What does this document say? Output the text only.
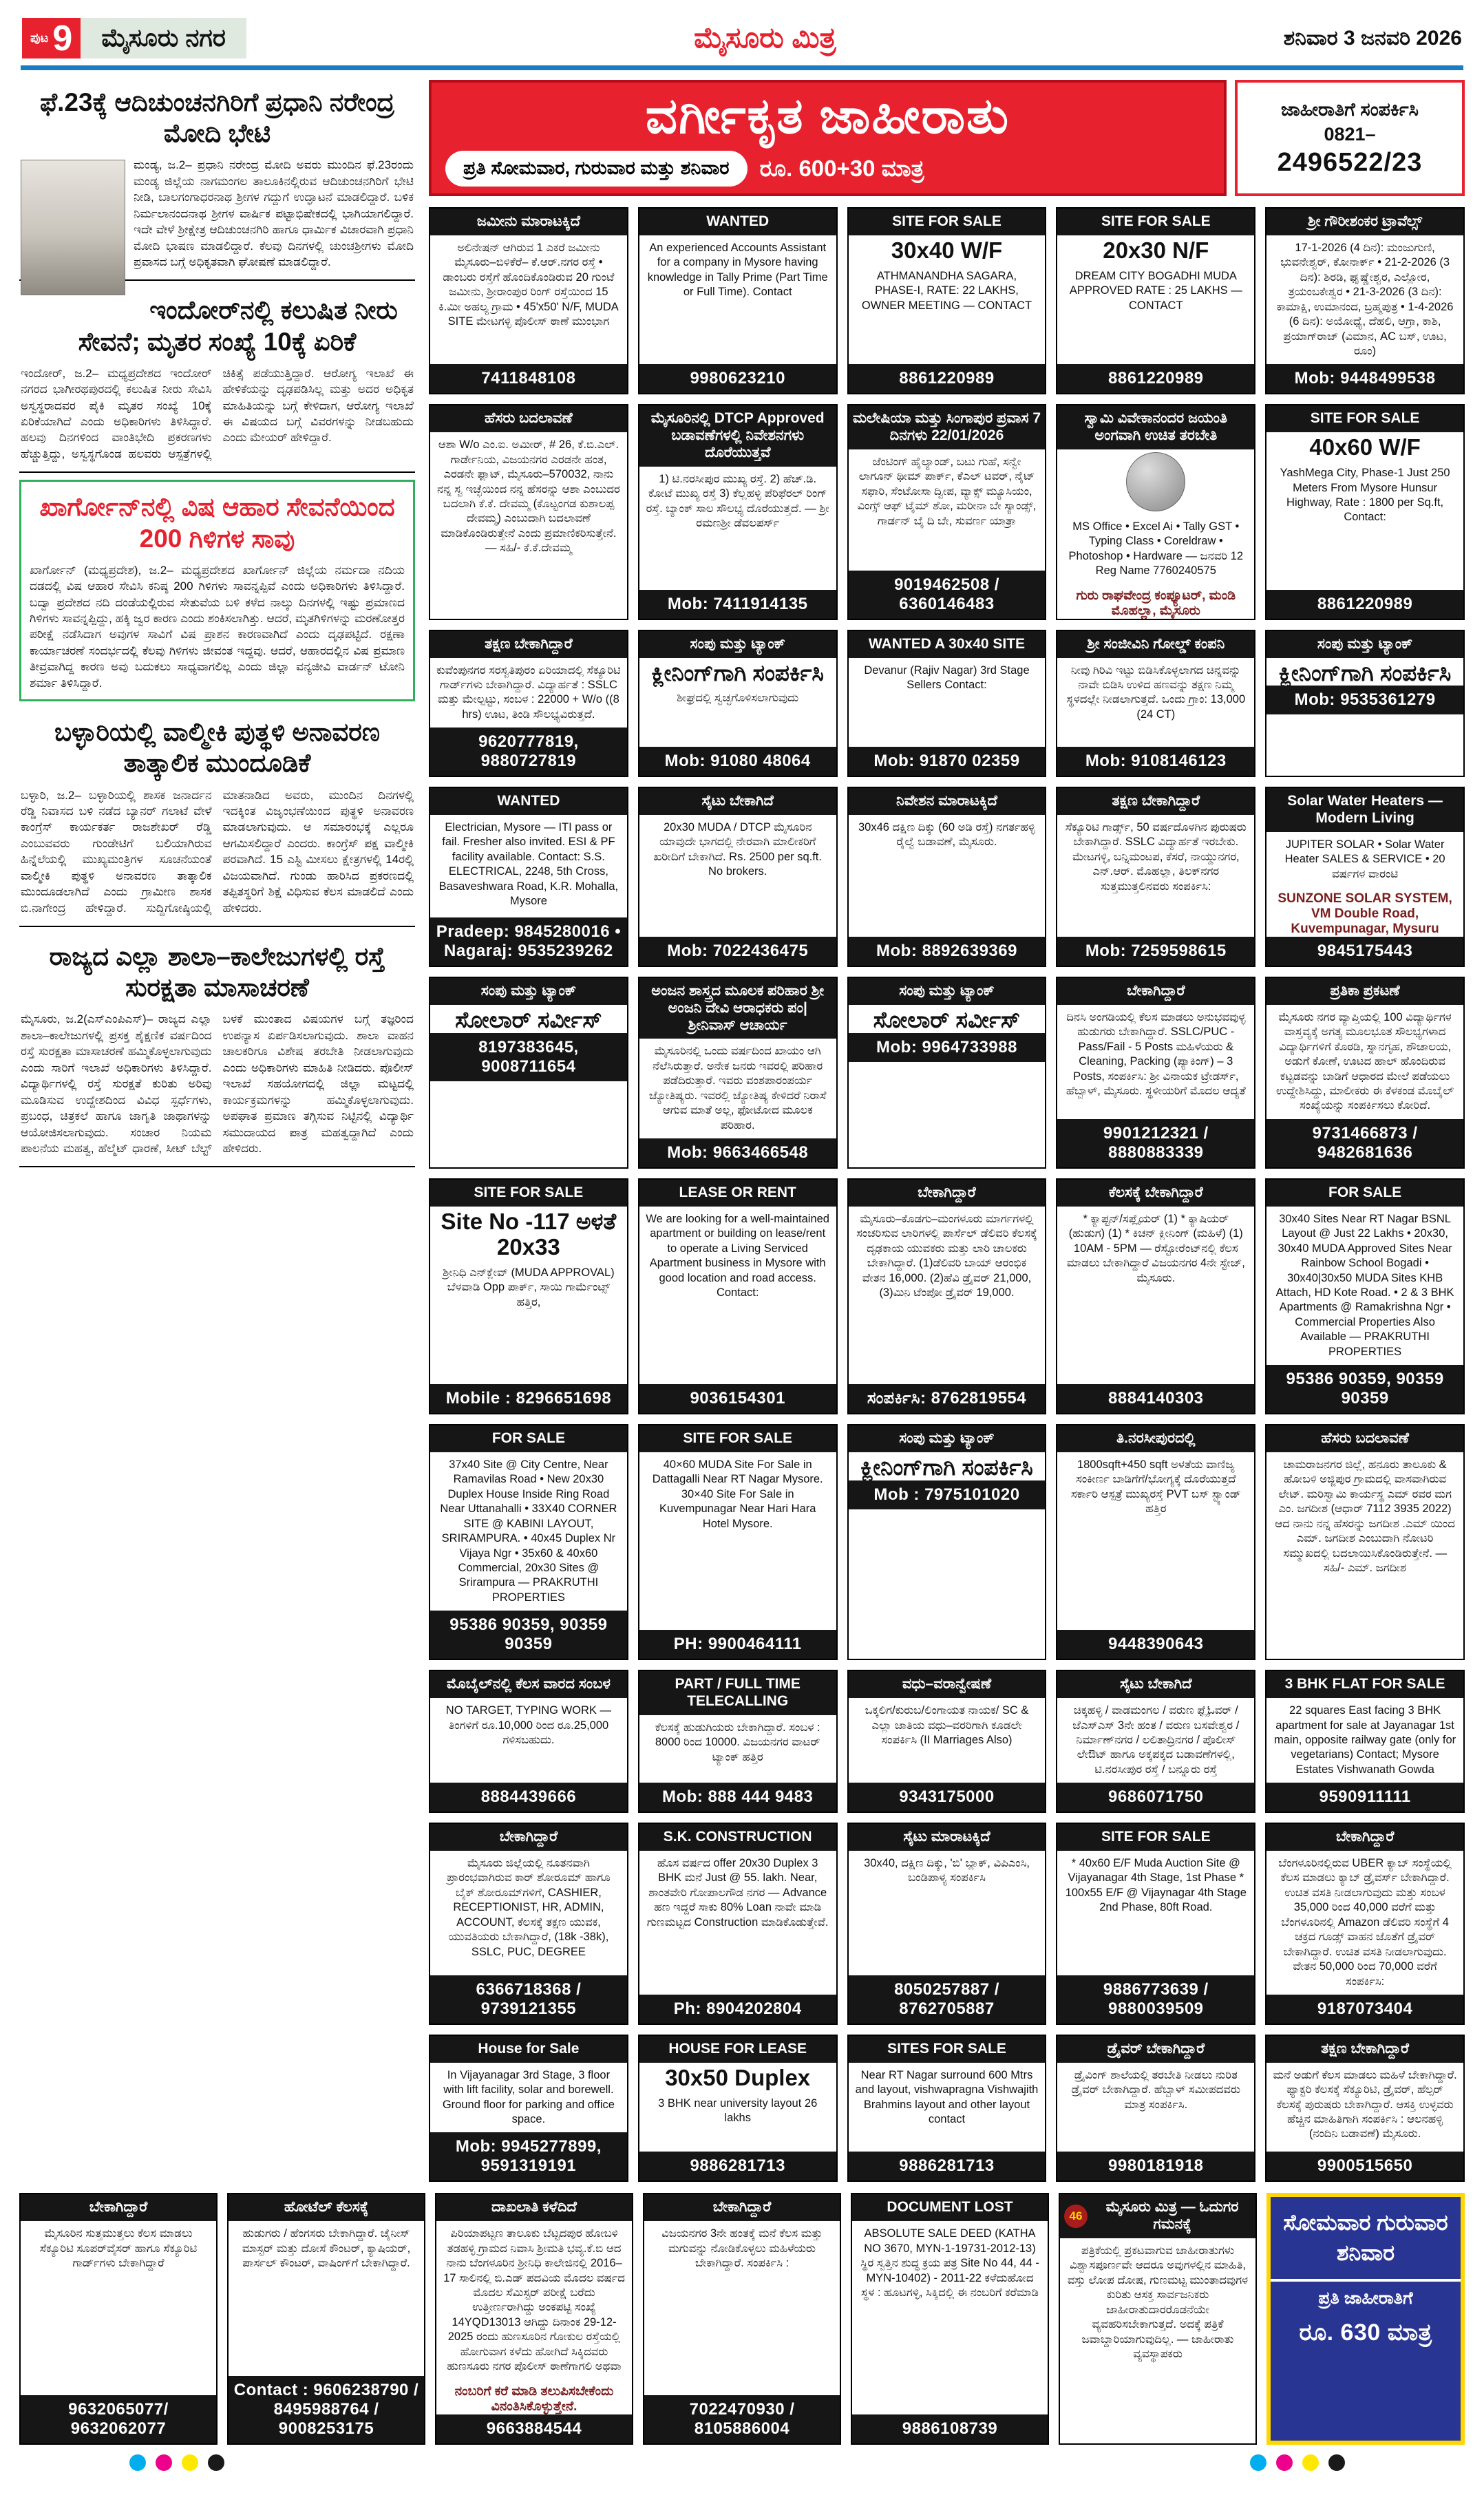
ಪುಟ 9	ಮೈಸೂರು ನಗರ	ಮೈಸೂರು ಮಿತ್ರ	ಶನಿವಾರ 3 ಜನವರಿ 2026
ಫೆ.23ಕ್ಕೆ ಆದಿಚುಂಚನಗಿರಿಗೆ ಪ್ರಧಾನಿ ನರೇಂದ್ರ ಮೋದಿ ಭೇಟಿ
ಮಂಡ್ಯ, ಜ.2– ಪ್ರಧಾನಿ ನರೇಂದ್ರ ಮೋದಿ ಅವರು ಮುಂದಿನ ಫೆ.23ರಂದು ಮಂಡ್ಯ ಜಿಲ್ಲೆಯ ನಾಗಮಂಗಲ ತಾಲೂಕಿನಲ್ಲಿರುವ ಆದಿಚುಂಚನಗಿರಿಗೆ ಭೇಟಿ ನೀಡಿ, ಬಾಲಗಂಗಾಧರನಾಥ ಶ್ರೀಗಳ ಗದ್ದುಗೆ ಉದ್ಘಾಟನೆ ಮಾಡಲಿದ್ದಾರೆ. ಬಳಿಕ ನಿರ್ಮಲಾನಂದನಾಥ ಶ್ರೀಗಳ ವಾರ್ಷಿಕ ಪಟ್ಟಾಭಿಷೇಕದಲ್ಲಿ ಭಾಗಿಯಾಗಲಿದ್ದಾರೆ. ಇದೇ ವೇಳೆ ಶ್ರೀಕ್ಷೇತ್ರ ಆದಿಚುಂಚನಗಿರಿ ಹಾಗೂ ಧಾರ್ಮಿಕ ವಿಚಾರವಾಗಿ ಪ್ರಧಾನಿ ಮೋದಿ ಭಾಷಣ ಮಾಡಲಿದ್ದಾರೆ. ಕೆಲವು ದಿನಗಳಲ್ಲಿ ಚುಂಚಶ್ರೀಗಳು ಮೋದಿ ಪ್ರವಾಸದ ಬಗ್ಗೆ ಅಧಿಕೃತವಾಗಿ ಘೋಷಣೆ ಮಾಡಲಿದ್ದಾರೆ.
ಇಂದೋರ್‌ನಲ್ಲಿ ಕಲುಷಿತ ನೀರು ಸೇವನೆ; ಮೃತರ ಸಂಖ್ಯೆ 10ಕ್ಕೆ ಏರಿಕೆ
ಇಂದೋರ್, ಜ.2– ಮಧ್ಯಪ್ರದೇಶದ ಇಂದೋರ್ ನಗರದ ಭಾಗೀರಥಪುರದಲ್ಲಿ ಕಲುಷಿತ ನೀರು ಸೇವಿಸಿ ಅಸ್ವಸ್ಥರಾದವರ ಪೈಕಿ ಮೃತರ ಸಂಖ್ಯೆ 10ಕ್ಕೆ ಏರಿಕೆಯಾಗಿದೆ ಎಂದು ಅಧಿಕಾರಿಗಳು ತಿಳಿಸಿದ್ದಾರೆ. ಹಲವು ದಿನಗಳಿಂದ ವಾಂತಿಭೇದಿ ಪ್ರಕರಣಗಳು ಹೆಚ್ಚುತ್ತಿದ್ದು, ಅಸ್ವಸ್ಥಗೊಂಡ ಹಲವರು ಆಸ್ಪತ್ರೆಗಳಲ್ಲಿ ಚಿಕಿತ್ಸೆ ಪಡೆಯುತ್ತಿದ್ದಾರೆ. ಆರೋಗ್ಯ ಇಲಾಖೆ ಈ ಹೇಳಿಕೆಯನ್ನು ದೃಢಪಡಿಸಿಲ್ಲ ಮತ್ತು ಅದರ ಅಧಿಕೃತ ಮಾಹಿತಿಯನ್ನು ಬಗ್ಗೆ ಕೇಳಿದಾಗ, ಆರೋಗ್ಯ ಇಲಾಖೆ ಈ ವಿಷಯದ ಬಗ್ಗೆ ವಿವರಗಳನ್ನು ನೀಡಬಹುದು ಎಂದು ಮೇಯರ್ ಹೇಳಿದ್ದಾರೆ.
ಖಾರ್ಗೋನ್‌ನಲ್ಲಿ ವಿಷ ಆಹಾರ ಸೇವನೆಯಿಂದ 200 ಗಿಳಿಗಳ ಸಾವು
ಖಾರ್ಗೋನ್ (ಮಧ್ಯಪ್ರದೇಶ), ಜ.2– ಮಧ್ಯಪ್ರದೇಶದ ಖಾರ್ಗೋನ್ ಜಿಲ್ಲೆಯ ನರ್ಮದಾ ನದಿಯ ದಡದಲ್ಲಿ ವಿಷ ಆಹಾರ ಸೇವಿಸಿ ಕನಿಷ್ಠ 200 ಗಿಳಿಗಳು ಸಾವನ್ನಪ್ಪಿವೆ ಎಂದು ಅಧಿಕಾರಿಗಳು ತಿಳಿಸಿದ್ದಾರೆ. ಬದ್ವಾ ಪ್ರದೇಶದ ನದಿ ದಂಡೆಯಲ್ಲಿರುವ ಸೇತುವೆಯ ಬಳಿ ಕಳೆದ ನಾಲ್ಕು ದಿನಗಳಲ್ಲಿ ಇಷ್ಟು ಪ್ರಮಾಣದ ಗಿಳಿಗಳು ಸಾವನ್ನಪ್ಪಿದ್ದು, ಹಕ್ಕಿ ಜ್ವರ ಕಾರಣ ಎಂದು ಶಂಕಿಸಲಾಗಿತ್ತು. ಆದರೆ, ಮೃತಗಿಳಿಗಳನ್ನು ಮರಣೋತ್ತರ ಪರೀಕ್ಷೆ ನಡೆಸಿದಾಗ ಅವುಗಳ ಸಾವಿಗೆ ವಿಷ ಪ್ರಾಶನ ಕಾರಣವಾಗಿದೆ ಎಂದು ದೃಢಪಟ್ಟಿದೆ. ರಕ್ಷಣಾ ಕಾರ್ಯಾಚರಣೆ ಸಂದರ್ಭದಲ್ಲಿ ಕೆಲವು ಗಿಳಿಗಳು ಜೀವಂತ ಇದ್ದವು. ಆದರೆ, ಆಹಾರದಲ್ಲಿನ ವಿಷ ಪ್ರಮಾಣ ತೀವ್ರವಾಗಿದ್ದ ಕಾರಣ ಅವು ಬದುಕಲು ಸಾಧ್ಯವಾಗಲಿಲ್ಲ ಎಂದು ಜಿಲ್ಲಾ ವನ್ಯಜೀವಿ ವಾರ್ಡನ್ ಟೋನಿ ಶರ್ಮಾ ತಿಳಿಸಿದ್ದಾರೆ.
ಬಳ್ಳಾರಿಯಲ್ಲಿ ವಾಲ್ಮೀಕಿ ಪುತ್ಥಳಿ ಅನಾವರಣ ತಾತ್ಕಾಲಿಕ ಮುಂದೂಡಿಕೆ
ಬಳ್ಳಾರಿ, ಜ.2– ಬಳ್ಳಾರಿಯಲ್ಲಿ ಶಾಸಕ ಜನಾರ್ದನ ರೆಡ್ಡಿ ನಿವಾಸದ ಬಳಿ ನಡೆದ ಬ್ಯಾನರ್ ಗಲಾಟೆ ವೇಳೆ ಕಾಂಗ್ರೆಸ್ ಕಾರ್ಯಕರ್ತ ರಾಜಶೇಖರ್ ರೆಡ್ಡಿ ಎಂಬುವವರು ಗುಂಡೇಟಿಗೆ ಬಲಿಯಾಗಿರುವ ಹಿನ್ನೆಲೆಯಲ್ಲಿ ಮುಖ್ಯಮಂತ್ರಿಗಳ ಸೂಚನೆಯಂತೆ ವಾಲ್ಮೀಕಿ ಪುತ್ಥಳಿ ಅನಾವರಣ ತಾತ್ಕಾಲಿಕ ಮುಂದೂಡಲಾಗಿದೆ ಎಂದು ಗ್ರಾಮೀಣ ಶಾಸಕ ಬಿ.ನಾಗೇಂದ್ರ ಹೇಳಿದ್ದಾರೆ. ಸುದ್ದಿಗೋಷ್ಠಿಯಲ್ಲಿ ಮಾತನಾಡಿದ ಅವರು, ಮುಂದಿನ ದಿನಗಳಲ್ಲಿ ಇದಕ್ಕಿಂತ ವಿಜೃಂಭಣೆಯಿಂದ ಪುತ್ಥಳಿ ಅನಾವರಣ ಮಾಡಲಾಗುವುದು. ಆ ಸಮಾರಂಭಕ್ಕೆ ಎಲ್ಲರೂ ಆಗಮಿಸಲಿದ್ದಾರೆ ಎಂದರು. ಕಾಂಗ್ರೆಸ್ ಪಕ್ಷ ವಾಲ್ಮೀಕಿ ಪರವಾಗಿದೆ. 15 ಎಸ್ಟಿ ಮೀಸಲು ಕ್ಷೇತ್ರಗಳಲ್ಲಿ 14ರಲ್ಲಿ ವಿಜಯವಾಗಿದೆ. ಗುಂಡು ಹಾರಿಸಿದ ಪ್ರಕರಣದಲ್ಲಿ ತಪ್ಪಿತಸ್ಥರಿಗೆ ಶಿಕ್ಷೆ ವಿಧಿಸುವ ಕೆಲಸ ಮಾಡಲಿದೆ ಎಂದು ಹೇಳಿದರು.
ರಾಜ್ಯದ ಎಲ್ಲಾ ಶಾಲಾ–ಕಾಲೇಜುಗಳಲ್ಲಿ ರಸ್ತೆ ಸುರಕ್ಷತಾ ಮಾಸಾಚರಣೆ
ಮೈಸೂರು, ಜ.2(ಎಸ್‌ಎಂಪಿಎಸ್)– ರಾಜ್ಯದ ಎಲ್ಲಾ ಶಾಲಾ–ಕಾಲೇಜುಗಳಲ್ಲಿ ಪ್ರಸಕ್ತ ಶೈಕ್ಷಣಿಕ ವರ್ಷದಿಂದ ರಸ್ತೆ ಸುರಕ್ಷತಾ ಮಾಸಾಚರಣೆ ಹಮ್ಮಿಕೊಳ್ಳಲಾಗುವುದು ಎಂದು ಸಾರಿಗೆ ಇಲಾಖೆ ಅಧಿಕಾರಿಗಳು ತಿಳಿಸಿದ್ದಾರೆ. ವಿದ್ಯಾರ್ಥಿಗಳಲ್ಲಿ ರಸ್ತೆ ಸುರಕ್ಷತೆ ಕುರಿತು ಅರಿವು ಮೂಡಿಸುವ ಉದ್ದೇಶದಿಂದ ವಿವಿಧ ಸ್ಪರ್ಧೆಗಳು, ಪ್ರಬಂಧ, ಚಿತ್ರಕಲೆ ಹಾಗೂ ಜಾಗೃತಿ ಜಾಥಾಗಳನ್ನು ಆಯೋಜಿಸಲಾಗುವುದು. ಸಂಚಾರ ನಿಯಮ ಪಾಲನೆಯ ಮಹತ್ವ, ಹೆಲ್ಮೆಟ್ ಧಾರಣೆ, ಸೀಟ್ ಬೆಲ್ಟ್ ಬಳಕೆ ಮುಂತಾದ ವಿಷಯಗಳ ಬಗ್ಗೆ ತಜ್ಞರಿಂದ ಉಪನ್ಯಾಸ ಏರ್ಪಡಿಸಲಾಗುವುದು. ಶಾಲಾ ವಾಹನ ಚಾಲಕರಿಗೂ ವಿಶೇಷ ತರಬೇತಿ ನೀಡಲಾಗುವುದು ಎಂದು ಅಧಿಕಾರಿಗಳು ಮಾಹಿತಿ ನೀಡಿದರು. ಪೊಲೀಸ್ ಇಲಾಖೆ ಸಹಯೋಗದಲ್ಲಿ ಜಿಲ್ಲಾ ಮಟ್ಟದಲ್ಲಿ ಕಾರ್ಯಕ್ರಮಗಳನ್ನು ಹಮ್ಮಿಕೊಳ್ಳಲಾಗುವುದು. ಅಪಘಾತ ಪ್ರಮಾಣ ತಗ್ಗಿಸುವ ನಿಟ್ಟಿನಲ್ಲಿ ವಿದ್ಯಾರ್ಥಿ ಸಮುದಾಯದ ಪಾತ್ರ ಮಹತ್ವದ್ದಾಗಿದೆ ಎಂದು ಹೇಳಿದರು.
ವರ್ಗೀಕೃತ ಜಾಹೀರಾತು
ಪ್ರತಿ ಸೋಮವಾರ, ಗುರುವಾರ ಮತ್ತು ಶನಿವಾರ	ರೂ. 600+30 ಮಾತ್ರ
ಜಾಹೀರಾತಿಗೆ ಸಂಪರ್ಕಿಸಿ
0821–
2496522/23
ಜಮೀನು ಮಾರಾಟಕ್ಕಿದೆ
ಅಲಿನೇಷನ್ ಆಗಿರುವ 1 ಎಕರೆ ಜಮೀನು ಮೈಸೂರು–ಬಿಳಿಕೆರೆ– ಕೆ.ಆರ್.ನಗರ ರಸ್ತೆ • ಡಾಂಬರು ರಸ್ತೆಗೆ ಹೊಂದಿಕೊಂಡಿರುವ 20 ಗುಂಟೆ ಜಮೀನು, ಶ್ರೀರಾಂಪುರ ರಿಂಗ್ ರಸ್ತೆಯಿಂದ 15 ಕಿ.ಮೀ ಅಹಲ್ಯ ಗ್ರಾಮ • 45'x50' N/F, MUDA SITE ಮೇಟಗಳ್ಳಿ ಪೊಲೀಸ್ ಠಾಣೆ ಮುಂಭಾಗ
7411848108
WANTED
An experienced Accounts Assistant for a company in Mysore having knowledge in Tally Prime (Part Time or Full Time). Contact
9980623210
SITE FOR SALE
30x40 W/F
ATHMANANDHA SAGARA, PHASE-I, RATE: 22 LAKHS, OWNER MEETING — CONTACT
8861220989
SITE FOR SALE
20x30 N/F
DREAM CITY BOGADHI MUDA APPROVED RATE : 25 LAKHS — CONTACT
8861220989
ಶ್ರೀ ಗೌರೀಶಂಕರ ಟ್ರಾವೆಲ್ಸ್
17-1-2026 (4 ದಿನ): ಮಂಜುಗುಣಿ, ಭುವನೇಶ್ವರ್, ಕೋನಾರ್ಕ್ • 21-2-2026 (3 ದಿನ): ಶಿರಡಿ, ಘೃಷ್ಣೇಶ್ವರ, ಎಲ್ಲೋರ, ತ್ರಯಂಬಕೇಶ್ವರ • 21-3-2026 (3 ದಿನ): ಕಾಮಾಕ್ಷಿ, ಉಮಾನಂದ, ಬ್ರಹ್ಮಪುತ್ರ • 1-4-2026 (6 ದಿನ): ಅಯೋಧ್ಯೆ, ದೆಹಲಿ, ಆಗ್ರಾ, ಕಾಶಿ, ಪ್ರಯಾಗ್‌ರಾಜ್ (ವಿಮಾನ, AC ಬಸ್, ಊಟ, ರೂಂ)
Mob: 9448499538
ಹೆಸರು ಬದಲಾವಣೆ
ಆಶಾ W/o ಎಂ.ಐ. ಅಮೀರ್, # 26, ಕೆ.ಬಿ.ಎಲ್. ಗಾರ್ಡೇನಿಯ, ವಿಜಯನಗರ ಎರಡನೇ ಹಂತ, ಎರಡನೇ ಫ್ಲಾಟ್, ಮೈಸೂರು–570032, ನಾನು ನನ್ನ ಸ್ವ ಇಚ್ಛೆಯಿಂದ ನನ್ನ ಹೆಸರನ್ನು ಆಶಾ ಎಂಬುದರ ಬದಲಾಗಿ ಕೆ.ಕೆ. ದೇವಮ್ಮ (ಕೊಟ್ಟಂಗಡ ಕುಶಾಲಪ್ಪ ದೇವಮ್ಮ) ಎಂಬುದಾಗಿ ಬದಲಾವಣೆ ಮಾಡಿಕೊಂಡಿರುತ್ತೇನೆ ಎಂದು ಪ್ರಮಾಣಿಕರಿಸುತ್ತೇನೆ. — ಸಹಿ/- ಕೆ.ಕೆ.ದೇವಮ್ಮ
ಮೈಸೂರಿನಲ್ಲಿ DTCP Approved ಬಡಾವಣೆಗಳಲ್ಲಿ ನಿವೇಶನಗಳು ದೊರೆಯುತ್ತವೆ
1) ಟಿ.ನರಸೀಪುರ ಮುಖ್ಯ ರಸ್ತೆ. 2) ಹೆಚ್.ಡಿ. ಕೋಟೆ ಮುಖ್ಯ ರಸ್ತೆ 3) ಕೆಲ್ಲಹಳ್ಳಿ ಪೆರಿಫೆರಲ್ ರಿಂಗ್ ರಸ್ತೆ. ಬ್ಯಾಂಕ್ ಸಾಲ ಸೌಲಭ್ಯ ದೊರೆಯುತ್ತದೆ. — ಶ್ರೀ ರಮಣಶ್ರೀ ಡೆವಲಪರ್ಸ್
Mob: 7411914135
ಮಲೇಷಿಯಾ ಮತ್ತು ಸಿಂಗಾಪುರ ಪ್ರವಾಸ 7 ದಿನಗಳು 22/01/2026
ಜೆಂಟಿಂಗ್ ಹೈಲ್ಯಾಂಡ್, ಬಟು ಗುಹೆ, ಸನ್ವೇ ಲಾಗೂನ್ ಥೀಮ್ ಪಾರ್ಕ್, ಕೆಎಲ್ ಟವರ್, ನೈಟ್ ಸಫಾರಿ, ಸೆಂಟೋಸಾ ದ್ವೀಪ, ವ್ಯಾಕ್ಸ್ ಮ್ಯೂಸಿಯಂ, ವಿಂಗ್ಸ್ ಆಫ್ ಟೈಮ್ ಶೋ, ಮರೀನಾ ಬೇ ಸ್ಯಾಂಡ್ಸ್, ಗಾರ್ಡನ್ ಬೈ ದಿ ಬೇ, ಸುವರ್ಣ ಯಾತ್ರಾ
9019462508 / 6360146483
ಸ್ವಾಮಿ ವಿವೇಕಾನಂದರ ಜಯಂತಿ ಅಂಗವಾಗಿ ಉಚಿತ ತರಬೇತಿ
MS Office • Excel Ai • Tally GST • Typing Class • Coreldraw • Photoshop • Hardware — ಜನವರಿ 12 Reg Name 7760240575
ಗುರು ರಾಘವೇಂದ್ರ ಕಂಪ್ಯೂಟರ್, ಮಂಡಿ ಮೊಹಲ್ಲಾ, ಮೈಸೂರು
SITE FOR SALE
40x60 W/F
YashMega City, Phase-1 Just 250 Meters From Mysore Hunsur Highway, Rate : 1800 per Sq.ft, Contact:
8861220989
ತಕ್ಷಣ ಬೇಕಾಗಿದ್ದಾರೆ
ಕುವೆಂಪುನಗರ ಸರಸ್ವತಿಪುರಂ ಏರಿಯಾದಲ್ಲಿ ಸೆಕ್ಯೂರಿಟಿ ಗಾರ್ಡ್‌ಗಳು ಬೇಕಾಗಿದ್ದಾರೆ. ವಿದ್ಯಾರ್ಹತೆ : SSLC ಮತ್ತು ಮೇಲ್ಪಟ್ಟು, ಸಂಬಳ : 22000 + W/o ((8 hrs) ಊಟ, ತಿಂಡಿ ಸೌಲಭ್ಯವಿರುತ್ತದೆ.
9620777819, 9880727819
ಸಂಪು ಮತ್ತು ಟ್ಯಾಂಕ್
ಕ್ಲೀನಿಂಗ್‌ಗಾಗಿ ಸಂಪರ್ಕಿಸಿ
ಶೀಘ್ರದಲ್ಲಿ ಸ್ವಚ್ಛಗೊಳಿಸಲಾಗುವುದು
Mob: 91080 48064
WANTED A 30x40 SITE
Devanur (Rajiv Nagar) 3rd Stage Sellers Contact:
Mob: 91870 02359
ಶ್ರೀ ಸಂಜೀವಿನಿ ಗೋಲ್ಡ್ ಕಂಪನಿ
ನೀವು ಗಿರಿವಿ ಇಟ್ಟು ಬಿಡಿಸಿಕೊಳ್ಳಲಾಗದ ಚಿನ್ನವನ್ನು ನಾವೇ ಬಿಡಿಸಿ ಉಳಿದ ಹಣವನ್ನು ತಕ್ಷಣ ನಿಮ್ಮ ಸ್ಥಳದಲ್ಲೇ ನೀಡಲಾಗುತ್ತದೆ. ಒಂದು ಗ್ರಾಂ: 13,000 (24 CT)
Mob: 9108146123
ಸಂಪು ಮತ್ತು ಟ್ಯಾಂಕ್
ಕ್ಲೀನಿಂಗ್‌ಗಾಗಿ ಸಂಪರ್ಕಿಸಿ
Mob: 9535361279
WANTED
Electrician, Mysore — ITI pass or fail. Fresher also invited. ESI & PF facility available. Contact: S.S. ELECTRICAL, 2248, 5th Cross, Basaveshwara Road, K.R. Mohalla, Mysore
Pradeep: 9845280016 • Nagaraj: 9535239262
ಸೈಟು ಬೇಕಾಗಿದೆ
20x30 MUDA / DTCP ಮೈಸೂರಿನ ಯಾವುದೇ ಭಾಗದಲ್ಲಿ ನೇರವಾಗಿ ಮಾಲೀಕರಿಗೆ ಖರೀದಿಗೆ ಬೇಕಾಗಿದೆ. Rs. 2500 per sq.ft. No brokers.
Mob: 7022436475
ನಿವೇಶನ ಮಾರಾಟಕ್ಕಿದೆ
30x46 ದಕ್ಷಿಣ ದಿಕ್ಕು (60 ಅಡಿ ರಸ್ತೆ) ನಗರ್ತಹಳ್ಳಿ ರೈಲ್ವೆ ಬಡಾವಣೆ, ಮೈಸೂರು.
Mob: 8892639369
ತಕ್ಷಣ ಬೇಕಾಗಿದ್ದಾರೆ
ಸೆಕ್ಯೂರಿಟಿ ಗಾರ್ಡ್ಸ್, 50 ವರ್ಷದೊಳಗಿನ ಪುರುಷರು ಬೇಕಾಗಿದ್ದಾರೆ. SSLC ವಿದ್ಯಾರ್ಹತೆ ಇರಬೇಕು. ಮೇಟಗಳ್ಳಿ, ಬನ್ನಿಮಂಟಪ, ಕೆಸರೆ, ನಾಯ್ಡುನಗರ, ಎನ್.ಆರ್. ಮೊಹಲ್ಲಾ, ತಿಲಕ್‌ನಗರ ಸುತ್ತಮುತ್ತಲಿನವರು ಸಂಪರ್ಕಿಸಿ:
Mob: 7259598615
Solar Water Heaters — Modern Living
JUPITER SOLAR • Solar Water Heater SALES & SERVICE • 20 ವರ್ಷಗಳ ವಾರಂಟಿ
SUNZONE SOLAR SYSTEM, VM Double Road, Kuvempunagar, Mysuru
9845175443
ಸಂಪು ಮತ್ತು ಟ್ಯಾಂಕ್
ಸೋಲಾರ್ ಸರ್ವೀಸ್
8197383645, 9008711654
ಅಂಜನ ಶಾಸ್ತ್ರದ ಮೂಲಕ ಪರಿಹಾರ ಶ್ರೀ ಅಂಜನಿ ದೇವಿ ಆರಾಧಕರು ಪಂ| ಶ್ರೀನಿವಾಸ್ ಆಚಾರ್ಯ
ಮೈಸೂರಿನಲ್ಲಿ ಒಂದು ವರ್ಷದಿಂದ ಖಾಯಂ ಆಗಿ ನೆಲೆಸಿರುತ್ತಾರೆ. ಅನೇಕ ಜನರು ಇವರಲ್ಲಿ ಪರಿಹಾರ ಪಡೆದಿರುತ್ತಾರೆ. ಇವರು ವಂಶಪಾರಂಪರ್ಯ ಜ್ಯೋತಿಷ್ಯರು. ಇವರಲ್ಲಿ ಜ್ಯೋತಿಷ್ಯ ಕೇಳಿದರೆ ನಿರಾಸೆ ಆಗುವ ಮಾತೆ ಅಲ್ಲ, ಫೋಟೋದ ಮೂಲಕ ಪರಿಹಾರ.
Mob: 9663466548
ಸಂಪು ಮತ್ತು ಟ್ಯಾಂಕ್
ಸೋಲಾರ್ ಸರ್ವೀಸ್
Mob: 9964733988
ಬೇಕಾಗಿದ್ದಾರೆ
ದಿನಸಿ ಅಂಗಡಿಯಲ್ಲಿ ಕೆಲಸ ಮಾಡಲು ಅನುಭವವುಳ್ಳ ಹುಡುಗರು ಬೇಕಾಗಿದ್ದಾರೆ. SSLC/PUC - Pass/Fail - 5 Posts ಮಹಿಳೆಯರು & Cleaning, Packing (ಪ್ಯಾಕಿಂಗ್) – 3 Posts, ಸಂಪರ್ಕಿಸಿ: ಶ್ರೀ ವಿನಾಯಕ ಟ್ರೇಡರ್ಸ್, ಹೆಬ್ಬಾಳ್, ಮೈಸೂರು. ಸ್ಥಳೀಯರಿಗೆ ಮೊದಲ ಆದ್ಯತೆ
9901212321 / 8880883339
ಪ್ರತಿಕಾ ಪ್ರಕಟಣೆ
ಮೈಸೂರು ನಗರ ವ್ಯಾಪ್ತಿಯಲ್ಲಿ 100 ವಿದ್ಯಾರ್ಥಿಗಳ ವಾಸ್ತವ್ಯಕ್ಕೆ ಅಗತ್ಯ ಮೂಲಭೂತ ಸೌಲಭ್ಯಗಳಾದ ವಿದ್ಯಾರ್ಥಿಗಳಿಗೆ ಕೊಠಡಿ, ಸ್ನಾನಗೃಹ, ಶೌಚಾಲಯ, ಅಡುಗೆ ಕೋಣೆ, ಊಟದ ಹಾಲ್ ಹೊಂದಿರುವ ಕಟ್ಟಡವನ್ನು ಬಾಡಿಗೆ ಆಧಾರದ ಮೇಲೆ ಪಡೆಯಲು ಉದ್ದೇಶಿಸಿದ್ದು, ಮಾಲೀಕರು ಈ ಕೆಳಕಂಡ ಮೊಬೈಲ್ ಸಂಖ್ಯೆಯನ್ನು ಸಂಪರ್ಕಿಸಲು ಕೋರಿದೆ.
9731466873 / 9482681636
SITE FOR SALE
Site No -117 ಅಳತೆ 20x33
ಶ್ರೀನಿಧಿ ಎನ್‌ಕ್ಲೇವ್ (MUDA APPROVAL) ಬೆಳವಾಡಿ Opp ಪಾರ್ಕ್, ಸಾಯಿ ಗಾರ್ಮೆಂಟ್ಸ್ ಹತ್ತಿರ,
Mobile : 8296651698
LEASE OR RENT
We are looking for a well-maintained apartment or building on lease/rent to operate a Living Serviced Apartment business in Mysore with good location and road access. Contact:
9036154301
ಬೇಕಾಗಿದ್ದಾರೆ
ಮೈಸೂರು–ಕೊಡಗು–ಮಂಗಳೂರು ಮಾರ್ಗಗಳಲ್ಲಿ ಸಂಚರಿಸುವ ಲಾರಿಗಳಲ್ಲಿ ಪಾರ್ಸೆಲ್ ಡೆಲಿವರಿ ಕೆಲಸಕ್ಕೆ ದೃಢಕಾಯ ಯುವಕರು ಮತ್ತು ಲಾರಿ ಚಾಲಕರು ಬೇಕಾಗಿದ್ದಾರೆ. (1)ಡೆಲಿವರಿ ಬಾಯ್ ಆರಂಭಿಕ ವೇತನ 16,000. (2)ಹೆವಿ ಡ್ರೈವರ್ 21,000, (3)ಮಿನಿ ಟೆಂಪೋ ಡ್ರೈವರ್ 19,000.
ಸಂಪರ್ಕಿಸಿ: 8762819554
ಕೆಲಸಕ್ಕೆ ಬೇಕಾಗಿದ್ದಾರೆ
* ಕ್ಯಾಪ್ಟನ್/ಸಪ್ಲೈಯರ್ (1) * ಕ್ಯಾಷಿಯರ್ (ಹುಡುಗ) (1) * ಕಿಚನ್ ಕ್ಲೀನಿಂಗ್ (ಮಹಿಳೆ) (1) 10AM - 5PM — ರೆಸ್ಟೋರೆಂಟ್‌ನಲ್ಲಿ ಕೆಲಸ ಮಾಡಲು ಬೇಕಾಗಿದ್ದಾರೆ ವಿಜಯನಗರ 4ನೇ ಸ್ಟೇಜ್, ಮೈಸೂರು.
8884140303
FOR SALE
30x40 Sites Near RT Nagar BSNL Layout @ Just 22 Lakhs • 20x30, 30x40 MUDA Approved Sites Near Rainbow School Bogadi • 30x40|30x50 MUDA Sites KHB Attach, HD Kote Road. • 2 & 3 BHK Apartments @ Ramakrishna Ngr • Commercial Properties Also Available — PRAKRUTHI PROPERTIES
95386 90359, 90359 90359
FOR SALE
37x40 Site @ City Centre, Near Ramavilas Road • New 20x30 Duplex House Inside Ring Road Near Uttanahalli • 33X40 CORNER SITE @ KABINI LAYOUT, SRIRAMPURA. • 40x45 Duplex Nr Vijaya Ngr • 35x60 & 40x60 Commercial, 20x30 Sites @ Srirampura — PRAKRUTHI PROPERTIES
95386 90359, 90359 90359
SITE FOR SALE
40×60 MUDA Site For Sale in Dattagalli Near RT Nagar Mysore. 30×40 Site For Sale in Kuvempunagar Near Hari Hara Hotel Mysore.
PH: 9900464111
ಸಂಪು ಮತ್ತು ಟ್ಯಾಂಕ್
ಕ್ಲೀನಿಂಗ್‌ಗಾಗಿ ಸಂಪರ್ಕಿಸಿ
Mob : 7975101020
ತಿ.ನರಸೀಪುರದಲ್ಲಿ
1800sqft+450 sqft ಅಳತೆಯ ವಾಣಿಜ್ಯ ಸಂಕೀರ್ಣ ಬಾಡಿಗೆಗೆ/ಭೋಗ್ಯಕ್ಕೆ ದೊರೆಯುತ್ತದೆ ಸರ್ಕಾರಿ ಆಸ್ಪತ್ರೆ ಮುಖ್ಯರಸ್ತೆ PVT ಬಸ್ ಸ್ಟ್ಯಾಂಡ್ ಹತ್ತಿರ
9448390643
ಹೆಸರು ಬದಲಾವಣೆ
ಚಾಮರಾಜನಗರ ಜಿಲ್ಲೆ, ಹನೂರು ತಾಲೂಕು & ಹೋಬಳಿ ಅಜ್ಜಿಪುರ ಗ್ರಾಮದಲ್ಲಿ ವಾಸವಾಗಿರುವ ಲೇಟ್. ಮರಿಸ್ವಾಮಿ ಕಾರ್ಯಸ್ಥ ಎಮ್ ರವರ ಮಗ ಎಂ. ಜಗದೀಶ (ಆಧಾರ್ 7112 3935 2022) ಆದ ನಾನು ನನ್ನ ಹೆಸರನ್ನು ಜಗದೀಶ .ಎಮ್ ಯಿಂದ ಎಮ್. ಜಗದೀಶ ಎಂಬುದಾಗಿ ನೋಟರಿ ಸಮ್ಮುಖದಲ್ಲಿ ಬದಲಾಯಿಸಿಕೊಂಡಿರುತ್ತೇನೆ. — ಸಹಿ/- ಎಮ್. ಜಗದೀಶ
ಮೊಬೈಲ್‌ನಲ್ಲಿ ಕೆಲಸ ವಾರದ ಸಂಬಳ
NO TARGET, TYPING WORK — ತಿಂಗಳಿಗೆ ರೂ.10,000 ರಿಂದ ರೂ.25,000 ಗಳಿಸಬಹುದು.
8884439666
PART / FULL TIME TELECALLING
ಕೆಲಸಕ್ಕೆ ಹುಡುಗಿಯರು ಬೇಕಾಗಿದ್ದಾರೆ. ಸಂಬಳ : 8000 ರಿಂದ 10000. ವಿಜಯನಗರ ವಾಟರ್ ಟ್ಯಾಂಕ್ ಹತ್ತಿರ
Mob: 888 444 9483
ವಧು–ವರಾನ್ವೇಷಣೆ
ಒಕ್ಕಲಿಗ/ಕುರುಬ/ಲಿಂಗಾಯತ ನಾಯಕ/ SC & ಎಲ್ಲಾ ಜಾತಿಯ ವಧು–ವರರಿಗಾಗಿ ಕೂಡಲೇ ಸಂಪರ್ಕಿಸಿ (II Marriages Also)
9343175000
ಸೈಟು ಬೇಕಾಗಿದೆ
ಚಿಕ್ಕಹಳ್ಳಿ / ವಾಡಮಂಗಲ / ವರುಣ ಫ್ಲೈಓವರ್ / ಜೆಎಸ್‌ಎಸ್ 3ನೇ ಹಂತ / ವರುಣ ಬಸವೇಶ್ವರ / ನಿರ್ಮಾಣ್‌ನಗರ / ಲಲಿತಾದ್ರಿನಗರ / ಪೊಲೀಸ್ ಲೇಔಟ್ ಹಾಗೂ ಅಕ್ಕಪಕ್ಕದ ಬಡಾವಣೆಗಳಲ್ಲಿ, ಟಿ.ನರಸೀಪುರ ರಸ್ತೆ / ಬನ್ನೂರು ರಸ್ತೆ
9686071750
3 BHK FLAT FOR SALE
22 squares East facing 3 BHK apartment for sale at Jayanagar 1st main, opposite railway gate (only for vegetarians) Contact; Mysore Estates Vishwanath Gowda
9590911111
ಬೇಕಾಗಿದ್ದಾರೆ
ಮೈಸೂರು ಜಿಲ್ಲೆಯಲ್ಲಿ ನೂತನವಾಗಿ ಪ್ರಾರಂಭವಾಗಿರುವ ಕಾರ್ ಶೋರೂಮ್ ಹಾಗೂ ಬೈಕ್ ಶೋರೂಮ್‌ಗಳಿಗೆ, CASHIER, RECEPTIONIST, HR, ADMIN, ACCOUNT, ಕೆಲಸಕ್ಕೆ ತಕ್ಷಣ ಯುವಕ, ಯುವತಿಯರು ಬೇಕಾಗಿದ್ದಾರೆ, (18k -38k), SSLC, PUC, DEGREE
6366718368 / 9739121355
S.K. CONSTRUCTION
ಹೊಸ ವರ್ಷದ offer 20x30 Duplex 3 BHK ಮನೆ Just @ 55. lakh. Near, ಶಾಂತವೇರಿ ಗೋಪಾಲಗೌಡ ನಗರ — Advance ಹಣ ಇದ್ದರೆ ಸಾಕು 80% Loan ನಾವೇ ಮಾಡಿ ಗುಣಮಟ್ಟದ Construction ಮಾಡಿಕೊಡುತ್ತೇವೆ.
Ph: 8904202804
ಸೈಟು ಮಾರಾಟಕ್ಕಿದೆ
30x40, ದಕ್ಷಿಣ ದಿಕ್ಕು, 'ಬಿ' ಬ್ಲಾಕ್, ವಿಪಿಎಂಸಿ, ಬಂಡಿಪಾಳ್ಯ ಸಂಪರ್ಕಿಸಿ
8050257887 / 8762705887
SITE FOR SALE
* 40x60 E/F Muda Auction Site @ Vijayanagar 4th Stage, 1st Phase * 100x55 E/F @ Vijaynagar 4th Stage 2nd Phase, 80ft Road.
9886773639 / 9880039509
ಬೇಕಾಗಿದ್ದಾರೆ
ಬೆಂಗಳೂರಿನಲ್ಲಿರುವ UBER ಕ್ಯಾಬ್ ಸಂಸ್ಥೆಯಲ್ಲಿ ಕೆಲಸ ಮಾಡಲು ಕ್ಯಾಬ್ ಡ್ರೈವರ್ಸ್ ಬೇಕಾಗಿದ್ದಾರೆ. ಉಚಿತ ವಸತಿ ನೀಡಲಾಗುವುದು ಮತ್ತು ಸಂಬಳ 35,000 ರಿಂದ 40,000 ವರೆಗೆ ಮತ್ತು ಬೆಂಗಳೂರಿನಲ್ಲಿ Amazon ಡೆಲಿವರಿ ಸಂಸ್ಥೆಗೆ 4 ಚಕ್ರದ ಗೂಡ್ಸ್ ವಾಹನ ಜೊತೆಗೆ ಡ್ರೈವರ್ ಬೇಕಾಗಿದ್ದಾರೆ. ಉಚಿತ ವಸತಿ ನೀಡಲಾಗುವುದು. ವೇತನ 50,000 ರಿಂದ 70,000 ವರೆಗೆ ಸಂಪರ್ಕಿಸಿ:
9187073404
House for Sale
In Vijayanagar 3rd Stage, 3 floor with lift facility, solar and borewell. Ground floor for parking and office space.
Mob: 9945277899, 9591319191
HOUSE FOR LEASE
30x50 Duplex
3 BHK near university layout 26 lakhs
9886281713
SITES FOR SALE
Near RT Nagar surround 600 Mtrs and layout, vishwapragna Vishwajith Brahmins layout and other layout contact
9886281713
ಡ್ರೈವರ್ ಬೇಕಾಗಿದ್ದಾರೆ
ಡ್ರೈವಿಂಗ್ ಶಾಲೆಯಲ್ಲಿ ತರಬೇತಿ ನೀಡಲು ನುರಿತ ಡ್ರೈವರ್ ಬೇಕಾಗಿದ್ದಾರೆ. ಹೆಬ್ಬಾಳ್ ಸಮೀಪದವರು ಮಾತ್ರ ಸಂಪರ್ಕಿಸಿ.
9980181918
ತಕ್ಷಣ ಬೇಕಾಗಿದ್ದಾರೆ
ಮನೆ ಅಡುಗೆ ಕೆಲಸ ಮಾಡಲು ಮಹಿಳೆ ಬೇಕಾಗಿದ್ದಾರೆ. ಫ್ಯಾಕ್ಟರಿ ಕೆಲಸಕ್ಕೆ ಸೆಕ್ಯೂರಿಟಿ, ಡ್ರೈವರ್, ಹೆಲ್ಪರ್ ಕೆಲಸಕ್ಕೆ ಪುರುಷರು ಬೇಕಾಗಿದ್ದಾರೆ. ಆಸಕ್ತಿ ಉಳ್ಳವರು ಹೆಚ್ಚಿನ ಮಾಹಿತಿಗಾಗಿ ಸಂಪರ್ಕಿಸಿ : ಆಲನಹಳ್ಳಿ (ನಂದಿನಿ ಬಡಾವಣೆ) ಮೈಸೂರು.
9900515650
ಬೇಕಾಗಿದ್ದಾರೆ
ಮೈಸೂರಿನ ಸುತ್ತಮುತ್ತಲು ಕೆಲಸ ಮಾಡಲು ಸೆಕ್ಯೂರಿಟಿ ಸೂಪರ್‌ವೈಸರ್ ಹಾಗೂ ಸೆಕ್ಯೂರಿಟಿ ಗಾರ್ಡ್‌ಗಳು ಬೇಕಾಗಿದ್ದಾರೆ
9632065077/ 9632062077
ಹೋಟೆಲ್ ಕೆಲಸಕ್ಕೆ
ಹುಡುಗರು / ಹೆಂಗಸರು ಬೇಕಾಗಿದ್ದಾರೆ. ಚೈನೀಸ್ ಮಾಸ್ಟರ್ ಮತ್ತು ದೋಸೆ ಕೌಂಟರ್, ಕ್ಯಾಷಿಯರ್, ಪಾರ್ಸಲ್ ಕೌಂಟರ್, ವಾಷಿಂಗ್‌ಗೆ ಬೇಕಾಗಿದ್ದಾರೆ.
Contact : 9606238790 / 8495988764 / 9008253175
ದಾಖಲಾತಿ ಕಳೆದಿದೆ
ಪಿರಿಯಾಪಟ್ಟಣ ತಾಲೂಕು ಬೆಟ್ಟದಪುರ ಹೋಬಳಿ ತಡಹಳ್ಳಿ ಗ್ರಾಮದ ನಿವಾಸಿ ಶ್ರೀಮತಿ ಭವ್ಯ.ಕೆ.ಬಿ ಆದ ನಾನು ಬೆಂಗಳೂರಿನ ಶ್ರೀನಿಧಿ ಕಾಲೇಜಿನಲ್ಲಿ 2016–17 ಸಾಲಿನಲ್ಲಿ ಬಿ.ಎಡ್ ಪದವಿಯ ಮೊದಲ ವರ್ಷದ ಮೊದಲ ಸೆಮಿಸ್ಟರ್ ಪರೀಕ್ಷೆ ಬರೆದು ಉತ್ತೀರ್ಣರಾಗಿದ್ದು ಅಂಕಪಟ್ಟಿ ಸಂಖ್ಯೆ 14YQD13013 ಆಗಿದ್ದು ದಿನಾಂಕ 29-12-2025 ರಂದು ಹುಣಸೂರಿನ ಗೋಕುಲ ರಸ್ತೆಯಲ್ಲಿ ಹೋಗುವಾಗ ಕಳೆದು ಹೋಗಿದೆ ಸಿಕ್ಕಿದವರು ಹುಣಸೂರು ನಗರ ಪೊಲೀಸ್ ಠಾಣೆಗಾಗಲಿ ಅಥವಾ
ನಂಬರಿಗೆ ಕರೆ ಮಾಡಿ ತಲುಪಿಸಬೇಕೆಂದು ವಿನಂತಿಸಿಕೊಳ್ಳುತ್ತೇನೆ.
9663884544
ಬೇಕಾಗಿದ್ದಾರೆ
ವಿಜಯನಗರ 3ನೇ ಹಂತಕ್ಕೆ ಮನೆ ಕೆಲಸ ಮತ್ತು ಮಗುವನ್ನು ನೋಡಿಕೊಳ್ಳಲು ಮಹಿಳೆಯರು ಬೇಕಾಗಿದ್ದಾರೆ. ಸಂಪರ್ಕಿಸಿ :
7022470930 / 8105886004
DOCUMENT LOST
ABSOLUTE SALE DEED (KATHA NO 3670, MYN-1-19731-2012-13) ಸ್ಥಿರ ಸ್ವತ್ತಿನ ಶುದ್ಧ ಕ್ರಯ ಪತ್ರ Site No 44, 44 -MYN-10402) - 2011-22 ಕಳೆದುಹೋದ ಸ್ಥಳ : ಹೂಟಗಳ್ಳಿ, ಸಿಕ್ಕಿದಲ್ಲಿ ಈ ನಂಬರಿಗೆ ಕರೆಮಾಡಿ
9886108739
46
ಮೈಸೂರು ಮಿತ್ರ — ಓದುಗರ ಗಮನಕ್ಕೆ
ಪತ್ರಿಕೆಯಲ್ಲಿ ಪ್ರಕಟವಾಗುವ ಜಾಹೀರಾತುಗಳು ವಿಶ್ವಾಸಪೂರ್ಣವೇ ಆದರೂ ಅವುಗಳಲ್ಲಿನ ಮಾಹಿತಿ, ವಸ್ತು ಲೋಪ ದೋಷ, ಗುಣಮಟ್ಟ ಮುಂತಾದವುಗಳ ಕುರಿತು ಆಸಕ್ತ ಸಾರ್ವಜನಿಕರು ಜಾಹೀರಾತುದಾರರೊಡನೆಯೇ ವ್ಯವಹರಿಸಬೇಕಾಗುತ್ತದೆ. ಅದಕ್ಕೆ ಪತ್ರಿಕೆ ಜವಾಬ್ದಾರಿಯಾಗುವುದಿಲ್ಲ. — ಜಾಹೀರಾತು ವ್ಯವಸ್ಥಾಪಕರು
ಸೋಮವಾರ ಗುರುವಾರ ಶನಿವಾರ
ಪ್ರತಿ ಜಾಹೀರಾತಿಗೆ
ರೂ. 630 ಮಾತ್ರ
